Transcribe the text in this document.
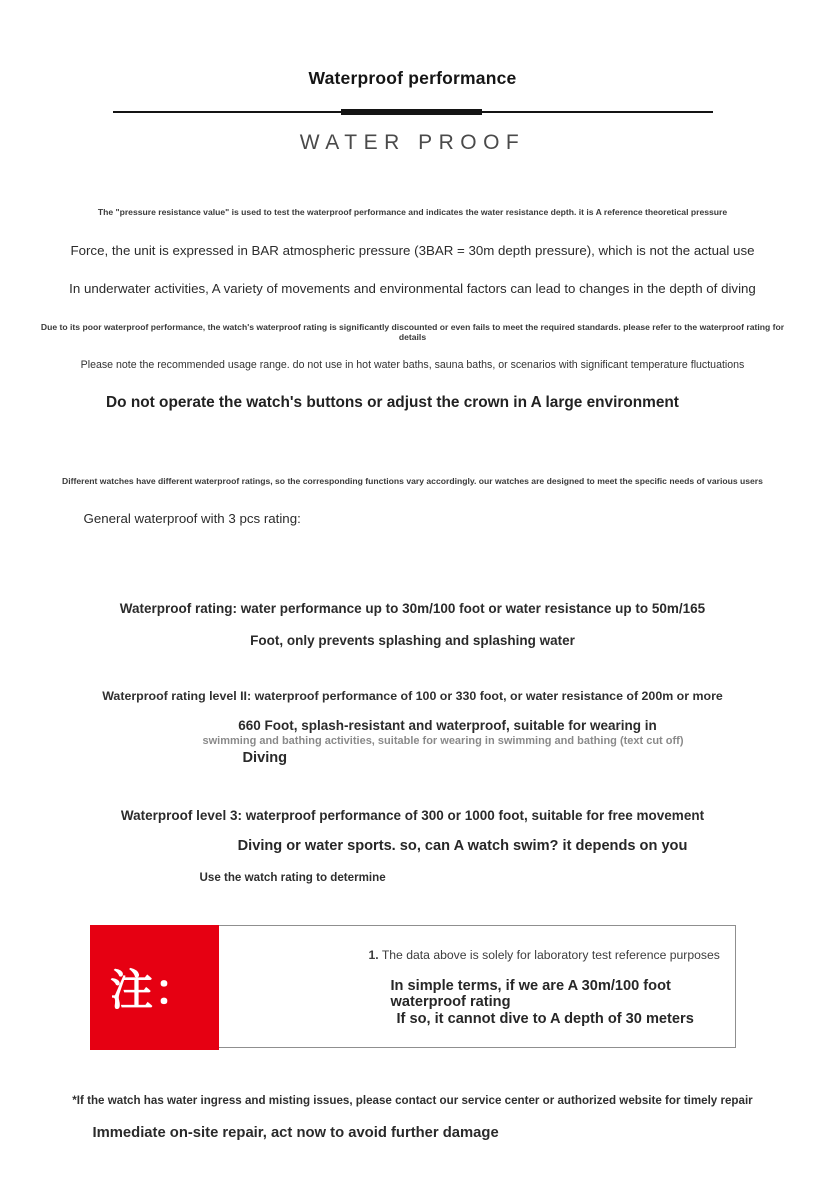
Waterproof performance
WATER PROOF
The "pressure resistance value" is used to test the waterproof performance and indicates the water resistance depth. it is A reference theoretical pressure
Force, the unit is expressed in BAR atmospheric pressure (3BAR = 30m depth pressure), which is not the actual use
In underwater activities, A variety of movements and environmental factors can lead to changes in the depth of diving
Due to its poor waterproof performance, the watch's waterproof rating is significantly discounted or even fails to meet the required standards. please refer to the waterproof rating for details
Please note the recommended usage range. do not use in hot water baths, sauna baths, or scenarios with significant temperature fluctuations
Do not operate the watch's buttons or adjust the crown in A large environment
Different watches have different waterproof ratings, so the corresponding functions vary accordingly. our watches are designed to meet the specific needs of various users
General waterproof with 3 pcs rating:
Waterproof rating: water performance up to 30m/100 foot or water resistance up to 50m/165
Foot, only prevents splashing and splashing water
Waterproof rating level II: waterproof performance of 100 or 330 foot, or water resistance of 200m or more
660 Foot, splash-resistant and waterproof, suitable for wearing in
swimming and bathing activities, suitable for wearing in swimming and bathing (text cut off)
Diving
Waterproof level 3: waterproof performance of 300 or 1000 foot, suitable for free movement
Diving or water sports. so, can A watch swim? it depends on you
Use the watch rating to determine
1. The data above is solely for laboratory test reference purposes
In simple terms, if we are A 30m/100 foot waterproof rating
If so, it cannot dive to A depth of 30 meters
注：
*If the watch has water ingress and misting issues, please contact our service center or authorized website for timely repair
Immediate on-site repair, act now to avoid further damage
